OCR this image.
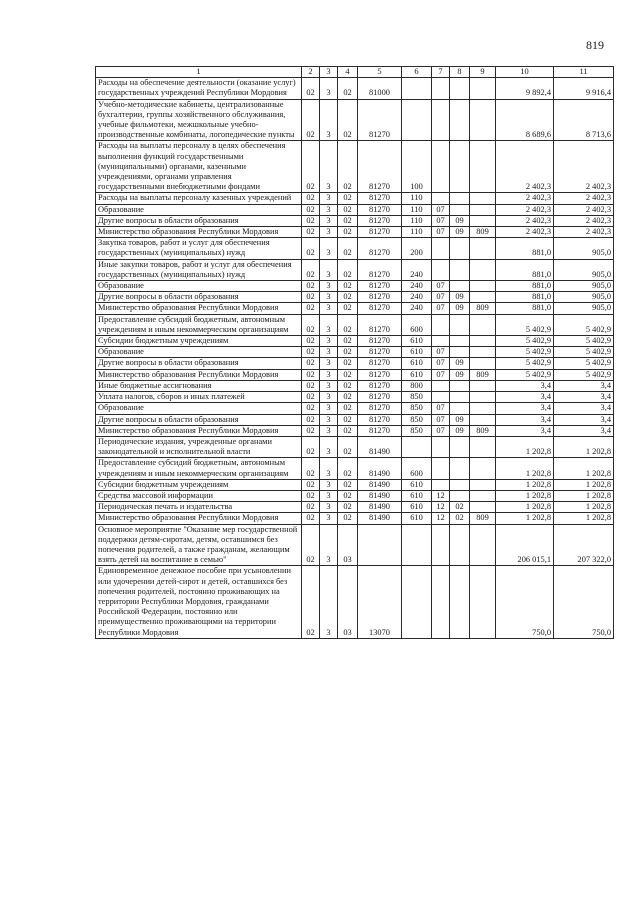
819
1	2	3	4	5	6	7	8	9	10	11
Расходы на обеспечение деятельности (оказание услуг) государственных учреждений Республики Мордовия	02	3	02	81000					9 892,4	9 916,4
Учебно-методические кабинеты, централизованные бухгалтерии, группы хозяйственного обслуживания, учебные фильмотеки, межшкольные учебно-производственные комбинаты, логопедические пункты	02	3	02	81270					8 689,6	8 713,6
Расходы на выплаты персоналу в целях обеспечения выполнения функций государственными (муниципальными) органами, казенными учреждениями, органами управления государственными внебюджетными фондами	02	3	02	81270	100				2 402,3	2 402,3
Расходы на выплаты персоналу казенных учреждений	02	3	02	81270	110				2 402,3	2 402,3
Образование	02	3	02	81270	110	07			2 402,3	2 402,3
Другие вопросы в области образования	02	3	02	81270	110	07	09		2 402,3	2 402,3
Министерство образования Республики Мордовия	02	3	02	81270	110	07	09	809	2 402,3	2 402,3
Закупка товаров, работ и услуг для обеспечения государственных (муниципальных) нужд	02	3	02	81270	200				881,0	905,0
Иные закупки товаров, работ и услуг для обеспечения государственных (муниципальных) нужд	02	3	02	81270	240				881,0	905,0
Образование	02	3	02	81270	240	07			881,0	905,0
Другие вопросы в области образования	02	3	02	81270	240	07	09		881,0	905,0
Министерство образования Республики Мордовия	02	3	02	81270	240	07	09	809	881,0	905,0
Предоставление субсидий бюджетным, автономным учреждениям и иным некоммерческим организациям	02	3	02	81270	600				5 402,9	5 402,9
Субсидии бюджетным учреждениям	02	3	02	81270	610				5 402,9	5 402,9
Образование	02	3	02	81270	610	07			5 402,9	5 402,9
Другие вопросы в области образования	02	3	02	81270	610	07	09		5 402,9	5 402,9
Министерство образования Республики Мордовия	02	3	02	81270	610	07	09	809	5 402,9	5 402,9
Иные бюджетные ассигнования	02	3	02	81270	800				3,4	3,4
Уплата налогов, сборов и иных платежей	02	3	02	81270	850				3,4	3,4
Образование	02	3	02	81270	850	07			3,4	3,4
Другие вопросы в области образования	02	3	02	81270	850	07	09		3,4	3,4
Министерство образования Республики Мордовия	02	3	02	81270	850	07	09	809	3,4	3,4
Периодические издания, учрежденные органами законодательной и исполнительной власти	02	3	02	81490					1 202,8	1 202,8
Предоставление субсидий бюджетным, автономным учреждениям и иным некоммерческим организациям	02	3	02	81490	600				1 202,8	1 202,8
Субсидии бюджетным учреждениям	02	3	02	81490	610				1 202,8	1 202,8
Средства массовой информации	02	3	02	81490	610	12			1 202,8	1 202,8
Периодическая печать и издательства	02	3	02	81490	610	12	02		1 202,8	1 202,8
Министерство образования Республики Мордовия	02	3	02	81490	610	12	02	809	1 202,8	1 202,8
Основное мероприятие "Оказание мер государственной поддержки детям-сиротам, детям, оставшимся без попечения родителей, а также гражданам, желающим взять детей на воспитание в семью"	02	3	03						206 015,1	207 322,0
Единовременное денежное пособие при усыновлении или удочерении детей-сирот и детей, оставшихся без попечения родителей, постоянно проживающих на территории Республики Мордовия, гражданами Российской Федерации, постоянно или преимущественно проживающими на территории Республики Мордовия	02	3	03	13070					750,0	750,0
